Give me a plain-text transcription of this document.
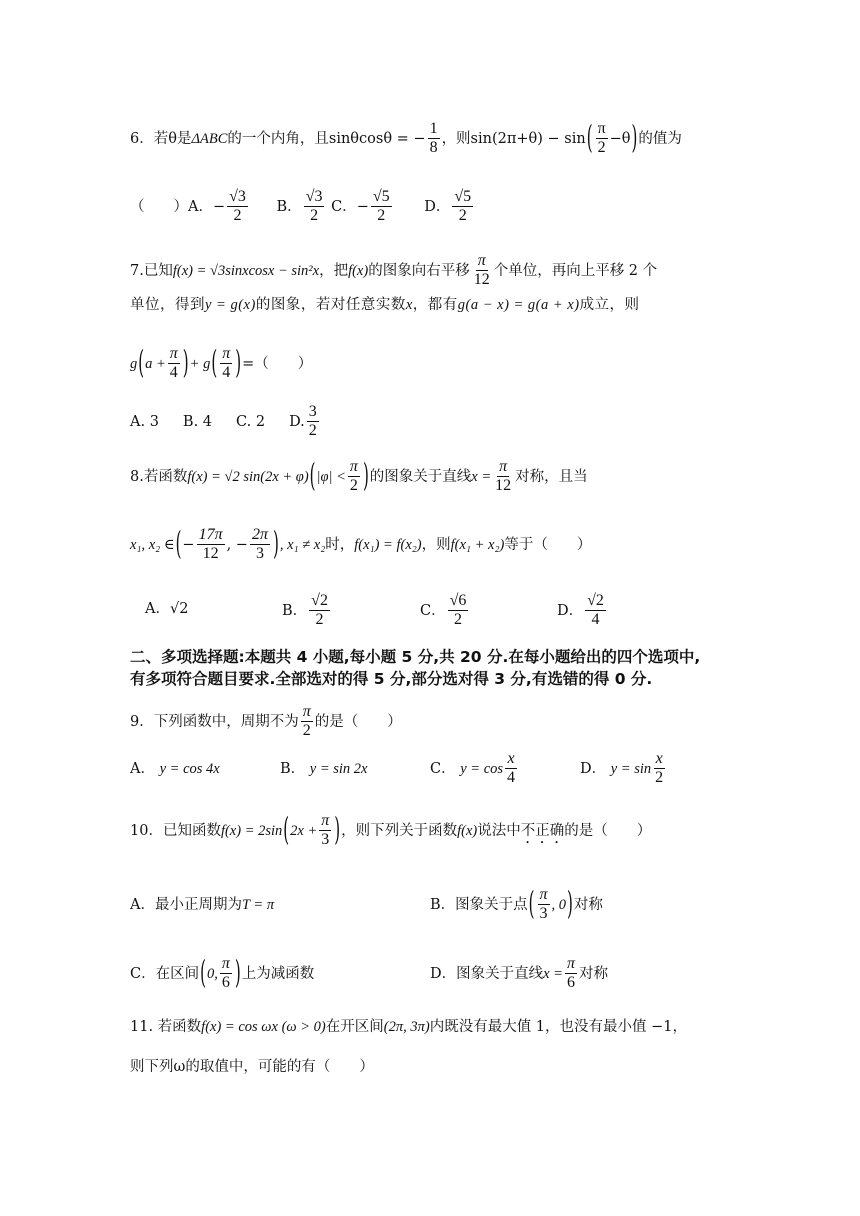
6．若θ是ΔABC的一个内角，且sinθcosθ = − $\frac{1}{8}$ ，则$\sin(2\pi+\theta) - \sin( \frac{\pi}{2} -\theta)$的值为
（　　）A．− $\frac{√3}{2}$ B． $\frac{√3}{2}$ C．− $\frac{√5}{2}$ D． $\frac{√5}{2}$
7.已知f(x) = √3sinxcosx − sin²x，把f(x)的图象向右平移 $\frac{\pi}{12}$ 个单位，再向上平移 2 个
单位，得到y = g(x)的图象，若对任意实数x，都有g(a − x) = g(a + x)成立，则
$g(a + \frac{\pi}{4}$ )+ $g( \frac{\pi}{4}$ )=（　　）
A. 3 B. 4 C. 2 D. $\frac{3}{2}$
8.若函数f(x) = √2 $\sin(2x + \varphi)(|\varphi| < \frac{\pi}{2}$ )的图象关于直线$x = \frac{\pi}{12}$ 对称，且当
x₁, x₂ ∈(− $\frac{17\pi}{12}$ , − $\frac{2\pi}{3}$ ), x₁ ≠ x₂时，f(x₁) = f(x₂)，则f(x₁ + x₂)等于（　　）
A．√2	B． $\frac{√2}{2}$	C． $\frac{√6}{2}$	D． $\frac{√2}{4}$
二、多项选择题:本题共 4 小题,每小题 5 分,共 20 分.在每小题给出的四个选项中,
有多项符合题目要求.全部选对的得 5 分,部分选对得 3 分,有选错的得 0 分.
9．下列函数中，周期不为 $\frac{\pi}{2}$ 的是（　　）
A． y = cos 4x	B． y = sin 2x	C． $y = \cos \frac{x}{4}$	D． $y = \sin \frac{x}{2}$
10．已知函数$f(x) = 2\sin(2x + \frac{\pi}{3}$ )，则下列关于函数f(x)说法中不正确的是（　　）
A．最小正周期为T = π	B．图象关于点( $\frac{\pi}{3}$ , 0)对称
C．在区间(0, $\frac{\pi}{6}$ )上为减函数	D．图象关于直线$x = \frac{\pi}{6}$ 对称
11. 若函数f(x) = cos ωx (ω > 0)在开区间(2π, 3π)内既没有最大值 1，也没有最小值 −1，
则下列ω的取值中，可能的有（　　）
